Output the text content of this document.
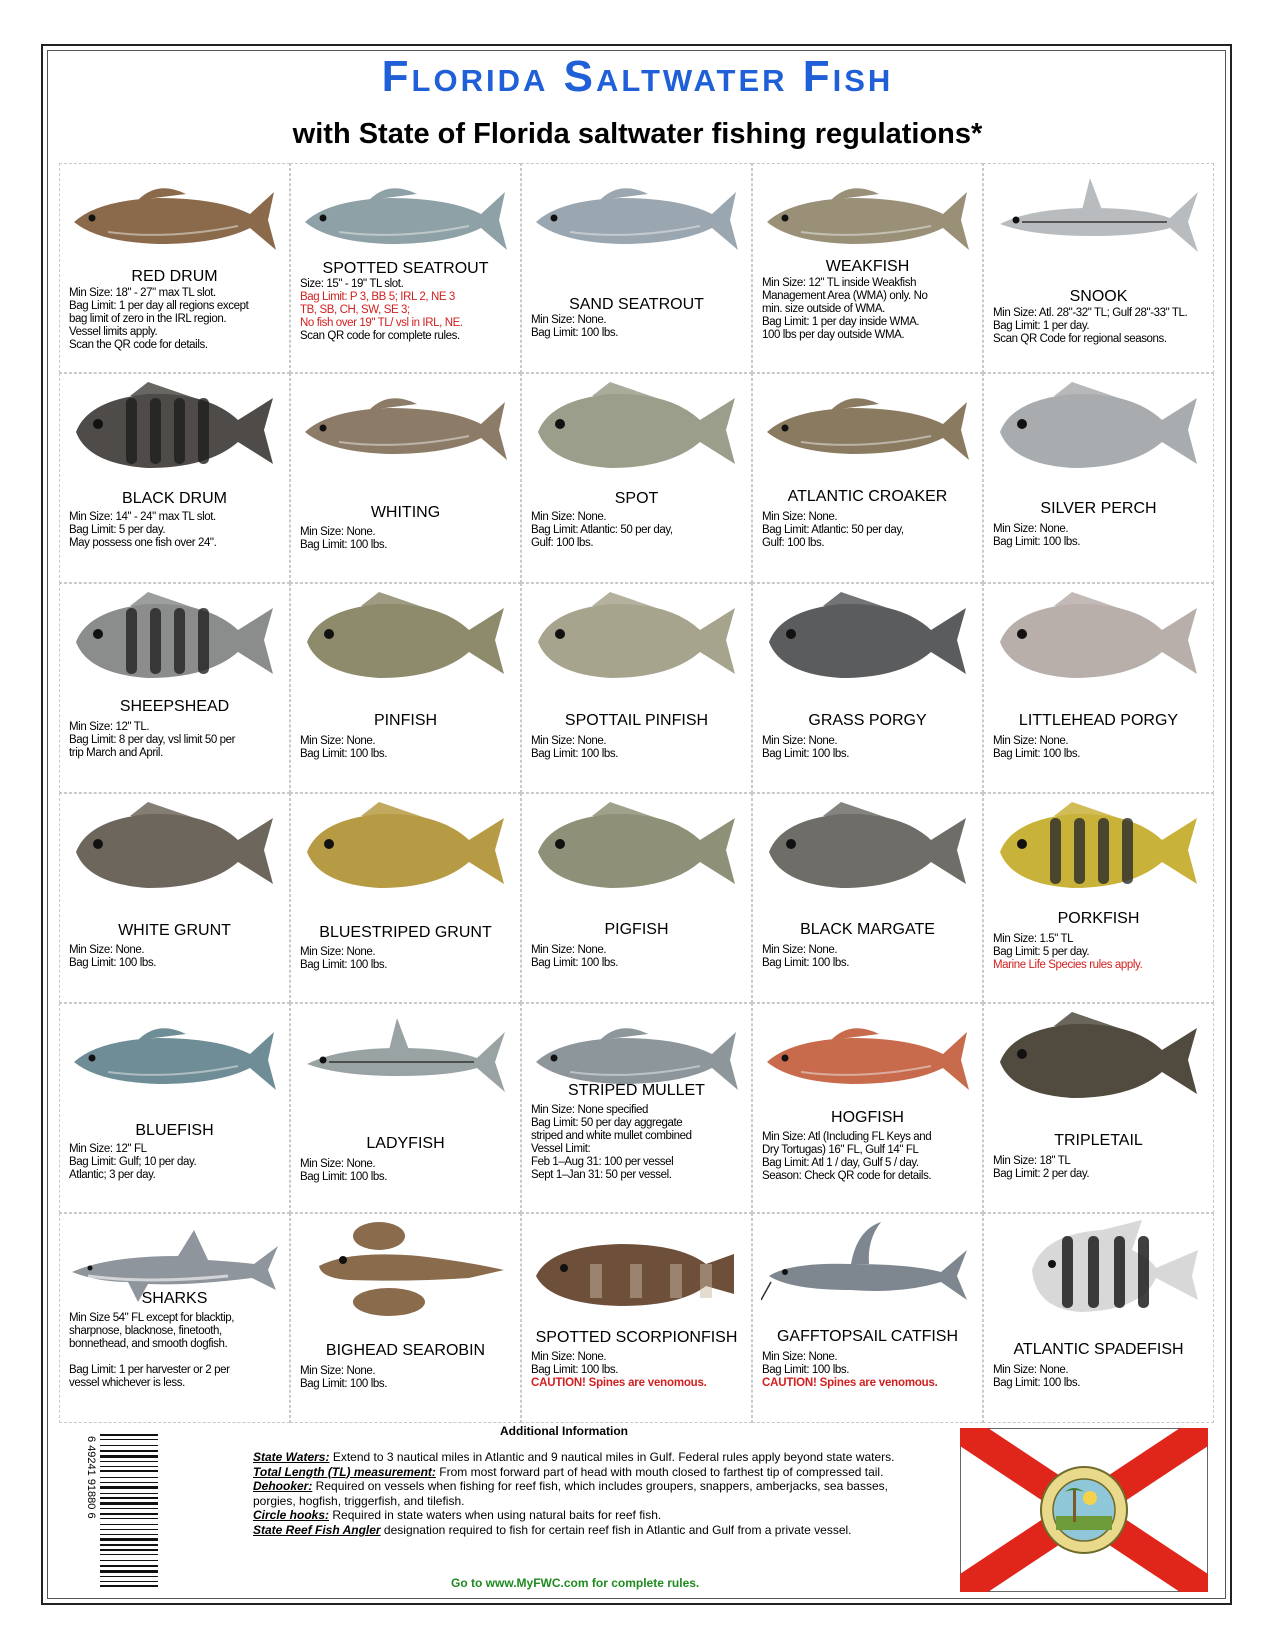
Florida Saltwater Fish
with State of Florida saltwater fishing regulations*
RED DRUM
Min Size: 18" - 27" max TL slot.
Bag Limit: 1 per day all regions except
bag limit of zero in the IRL region.
Vessel limits apply.
Scan the QR code for details.
SPOTTED SEATROUT
Size: 15" - 19" TL slot.
Bag Limit: P 3, BB 5; IRL 2, NE 3
TB, SB, CH, SW, SE 3;
No fish over 19" TL/ vsl in IRL, NE.
Scan QR code for complete rules.
SAND SEATROUT
Min Size: None.
Bag Limit: 100 lbs.
WEAKFISH
Min Size: 12" TL inside Weakfish
Management Area (WMA) only. No
min. size outside of WMA.
Bag Limit: 1 per day inside WMA.
100 lbs per day outside WMA.
SNOOK
Min Size: Atl. 28"-32" TL; Gulf 28"-33" TL.
Bag Limit: 1 per day.
Scan QR Code for regional seasons.
BLACK DRUM
Min Size: 14" - 24" max TL slot.
Bag Limit: 5 per day.
May possess one fish over 24".
WHITING
Min Size: None.
Bag Limit: 100 lbs.
SPOT
Min Size: None.
Bag Limit: Atlantic: 50 per day,
Gulf: 100 lbs.
ATLANTIC CROAKER
Min Size: None.
Bag Limit: Atlantic: 50 per day,
Gulf: 100 lbs.
SILVER PERCH
Min Size: None.
Bag Limit: 100 lbs.
SHEEPSHEAD
Min Size: 12" TL.
Bag Limit: 8 per day, vsl limit 50 per
trip March and April.
PINFISH
Min Size: None.
Bag Limit: 100 lbs.
SPOTTAIL PINFISH
Min Size: None.
Bag Limit: 100 lbs.
GRASS PORGY
Min Size: None.
Bag Limit: 100 lbs.
LITTLEHEAD PORGY
Min Size: None.
Bag Limit: 100 lbs.
WHITE GRUNT
Min Size: None.
Bag Limit: 100 lbs.
BLUESTRIPED GRUNT
Min Size: None.
Bag Limit: 100 lbs.
PIGFISH
Min Size: None.
Bag Limit: 100 lbs.
BLACK MARGATE
Min Size: None.
Bag Limit: 100 lbs.
PORKFISH
Min Size: 1.5" TL
Bag Limit: 5 per day.
Marine Life Species rules apply.
BLUEFISH
Min Size: 12" FL
Bag Limit: Gulf; 10 per day.
Atlantic; 3 per day.
LADYFISH
Min Size: None.
Bag Limit: 100 lbs.
STRIPED MULLET
Min Size: None specified
Bag Limit: 50 per day aggregate
striped and white mullet combined
Vessel Limit:
Feb 1–Aug 31: 100 per vessel
Sept 1–Jan 31: 50 per vessel.
HOGFISH
Min Size: Atl (Including FL Keys and
Dry Tortugas) 16" FL, Gulf 14" FL
Bag Limit: Atl 1 / day, Gulf 5 / day.
Season: Check QR code for details.
TRIPLETAIL
Min Size: 18" TL
Bag Limit: 2 per day.
SHARKS
Min Size 54" FL except for blacktip,
sharpnose, blacknose, finetooth,
bonnethead, and smooth dogfish.

Bag Limit: 1 per harvester or 2 per
vessel whichever is less.
BIGHEAD SEAROBIN
Min Size: None.
Bag Limit: 100 lbs.
SPOTTED SCORPIONFISH
Min Size: None.
Bag Limit: 100 lbs.
CAUTION! Spines are venomous.
GAFFTOPSAIL CATFISH
Min Size: None.
Bag Limit: 100 lbs.
CAUTION! Spines are venomous.
ATLANTIC SPADEFISH
Min Size: None.
Bag Limit: 100 lbs.
Additional Information
State Waters: Extend to 3 nautical miles in Atlantic and 9 nautical miles in Gulf. Federal rules apply beyond state waters.
Total Length (TL) measurement: From most forward part of head with mouth closed to farthest tip of compressed tail.
Dehooker: Required on vessels when fishing for reef fish, which includes groupers, snappers, amberjacks, sea basses, porgies, hogfish, triggerfish, and tilefish.
Circle hooks: Required in state waters when using natural baits for reef fish.
State Reef Fish Angler designation required to fish for certain reef fish in Atlantic and Gulf from a private vessel.
Go to www.MyFWC.com for complete rules.
6 49241 91880 6
